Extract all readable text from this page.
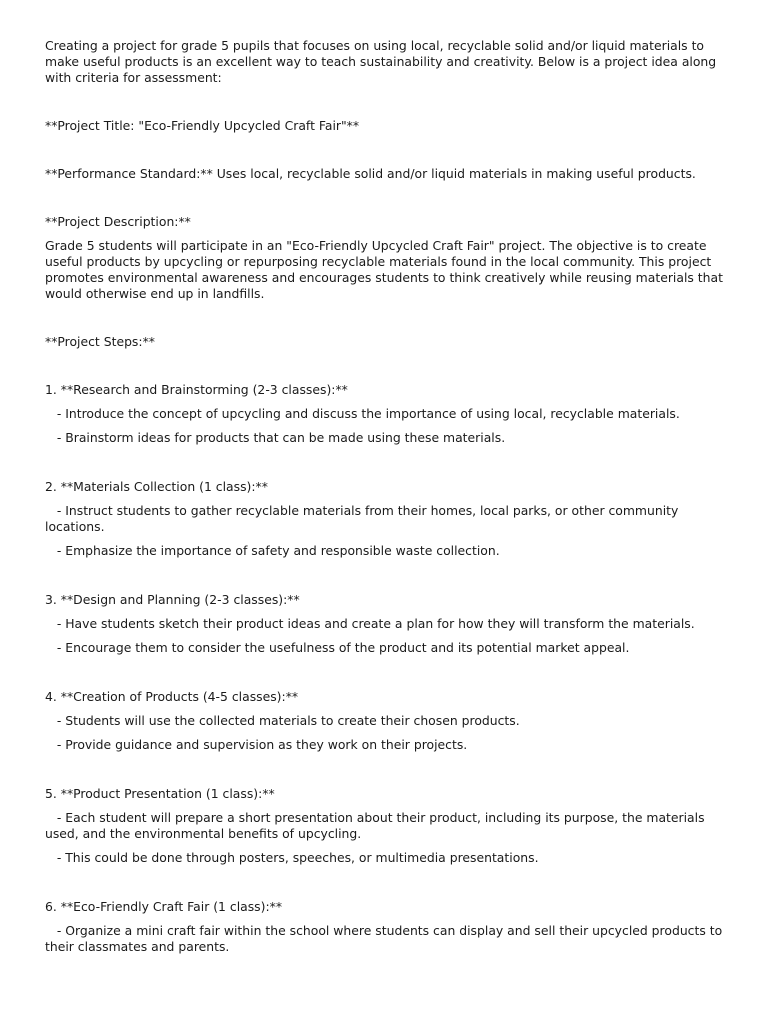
Creating a project for grade 5 pupils that focuses on using local, recyclable solid and/or liquid materials to make useful products is an excellent way to teach sustainability and creativity. Below is a project idea along with criteria for assessment:

**Project Title: "Eco-Friendly Upcycled Craft Fair"**

**Performance Standard:** Uses local, recyclable solid and/or liquid materials in making useful products.

**Project Description:**

Grade 5 students will participate in an "Eco-Friendly Upcycled Craft Fair" project. The objective is to create useful products by upcycling or repurposing recyclable materials found in the local community. This project promotes environmental awareness and encourages students to think creatively while reusing materials that would otherwise end up in landfills.

**Project Steps:**

1. **Research and Brainstorming (2-3 classes):**

- Introduce the concept of upcycling and discuss the importance of using local, recyclable materials.

- Brainstorm ideas for products that can be made using these materials.

2. **Materials Collection (1 class):**

- Instruct students to gather recyclable materials from their homes, local parks, or other community locations.

- Emphasize the importance of safety and responsible waste collection.

3. **Design and Planning (2-3 classes):**

- Have students sketch their product ideas and create a plan for how they will transform the materials.

- Encourage them to consider the usefulness of the product and its potential market appeal.

4. **Creation of Products (4-5 classes):**

- Students will use the collected materials to create their chosen products.

- Provide guidance and supervision as they work on their projects.

5. **Product Presentation (1 class):**

- Each student will prepare a short presentation about their product, including its purpose, the materials used, and the environmental benefits of upcycling.

- This could be done through posters, speeches, or multimedia presentations.

6. **Eco-Friendly Craft Fair (1 class):**

- Organize a mini craft fair within the school where students can display and sell their upcycled products to their classmates and parents.
